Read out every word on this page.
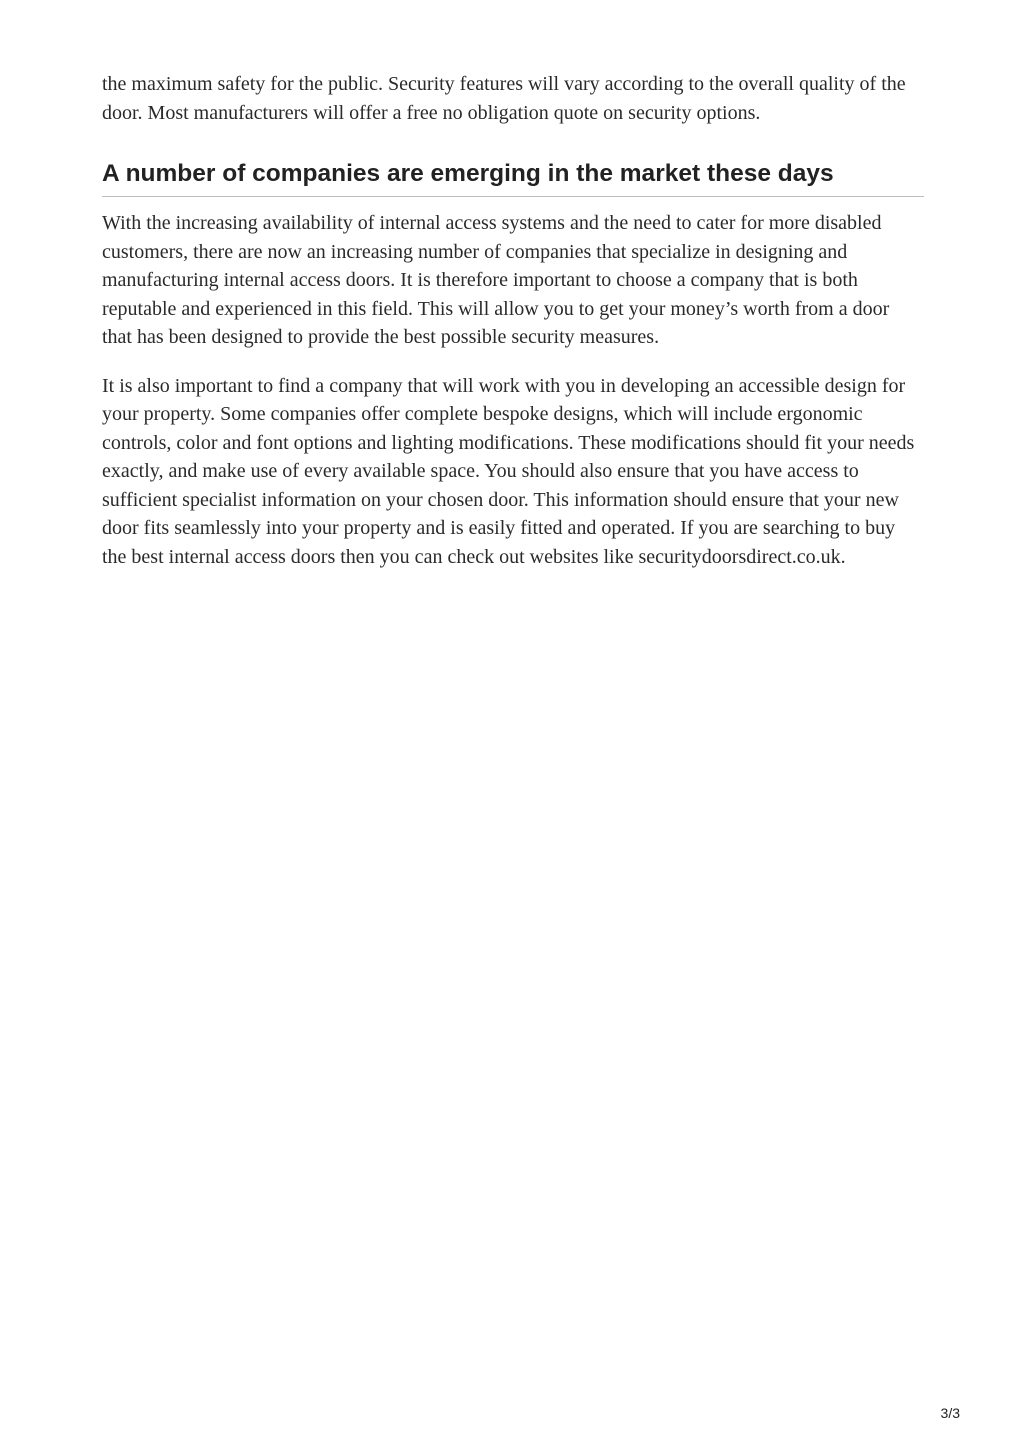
the maximum safety for the public. Security features will vary according to the overall quality of the door. Most manufacturers will offer a free no obligation quote on security options.

A number of companies are emerging in the market these days

With the increasing availability of internal access systems and the need to cater for more disabled customers, there are now an increasing number of companies that specialize in designing and manufacturing internal access doors. It is therefore important to choose a company that is both reputable and experienced in this field. This will allow you to get your money’s worth from a door that has been designed to provide the best possible security measures.

It is also important to find a company that will work with you in developing an accessible design for your property. Some companies offer complete bespoke designs, which will include ergonomic controls, color and font options and lighting modifications. These modifications should fit your needs exactly, and make use of every available space. You should also ensure that you have access to sufficient specialist information on your chosen door. This information should ensure that your new door fits seamlessly into your property and is easily fitted and operated. If you are searching to buy the best internal access doors then you can check out websites like securitydoorsdirect.co.uk.

3/3
